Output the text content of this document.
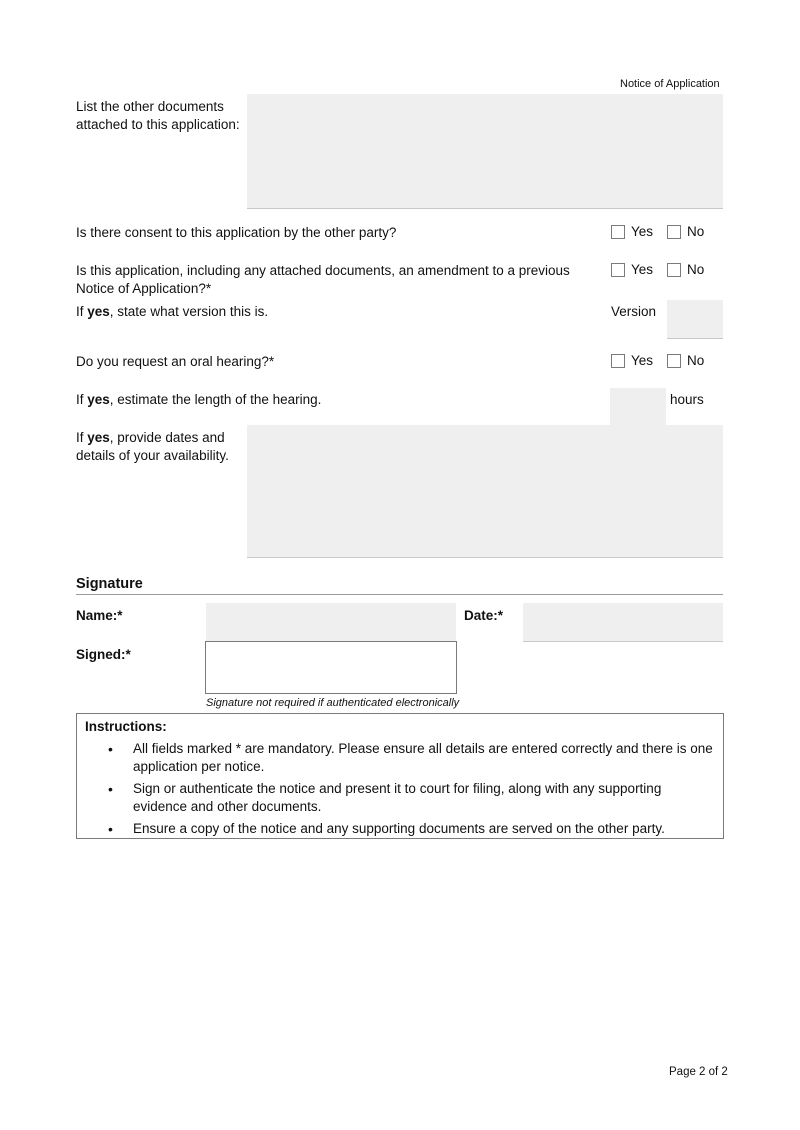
Notice of Application
List the other documents
attached to this application:
Is there consent to this application by the other party?	Yes	No
Is this application, including any attached documents, an amendment to a previous
Notice of Application?*
Yes	No
If yes, state what version this is.	Version
Do you request an oral hearing?*	Yes	No
If yes, estimate the length of the hearing.	hours
If yes, provide dates and
details of your availability.
Signature
Name:*	Date:*
Signed:*
Signature not required if authenticated electronically
Instructions:
• All fields marked * are mandatory. Please ensure all details are entered correctly and there is one
application per notice.
• Sign or authenticate the notice and present it to court for filing, along with any supporting
evidence and other documents.
• Ensure a copy of the notice and any supporting documents are served on the other party.
Page 2 of 2
